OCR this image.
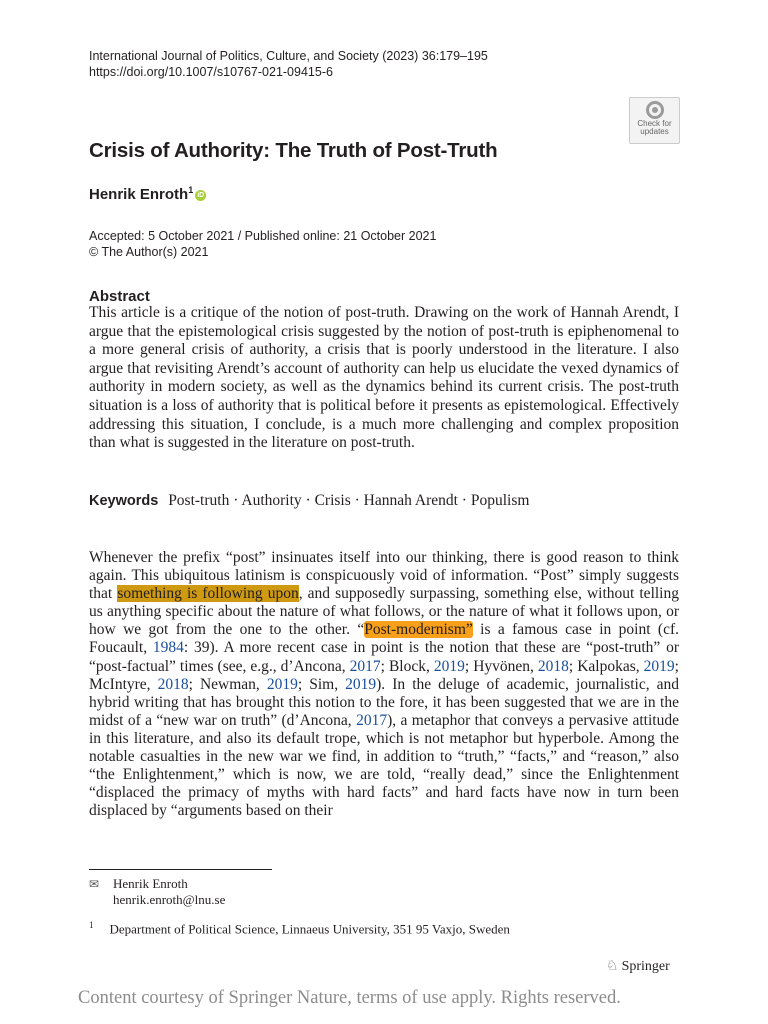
International Journal of Politics, Culture, and Society (2023) 36:179–195
https://doi.org/10.1007/s10767-021-09415-6
Check for
updates
Crisis of Authority: The Truth of Post-Truth
Henrik Enroth$^1$iD
Accepted: 5 October 2021 / Published online: 21 October 2021
© The Author(s) 2021
Abstract
This article is a critique of the notion of post-truth. Drawing on the work of Hannah Arendt, I argue that the epistemological crisis suggested by the notion of post-truth is epiphenomenal to a more general crisis of authority, a crisis that is poorly understood in the literature. I also argue that revisiting Arendt’s account of authority can help us elucidate the vexed dynamics of authority in modern society, as well as the dynamics behind its current crisis. The post-truth situation is a loss of authority that is political before it presents as epistemological. Effectively addressing this situation, I conclude, is a much more challenging and complex proposition than what is suggested in the literature on post-truth.
Keywords Post-truth · Authority · Crisis · Hannah Arendt · Populism

Whenever the prefix “post” insinuates itself into our thinking, there is good reason to think again. This ubiquitous latinism is conspicuously void of information. “Post” simply suggests that something is following upon, and supposedly surpassing, something else, without telling us anything specific about the nature of what follows, or the nature of what it follows upon, or how we got from the one to the other. “Post-modernism” is a famous case in point (cf. Foucault, 1984: 39). A more recent case in point is the notion that these are “post-truth” or “post-factual” times (see, e.g., d’Ancona, 2017; Block, 2019; Hyvönen, 2018; Kalpokas, 2019; McIntyre, 2018; Newman, 2019; Sim, 2019). In the deluge of academic, journalistic, and hybrid writing that has brought this notion to the fore, it has been suggested that we are in the midst of a “new war on truth” (d’Ancona, 2017), a metaphor that conveys a pervasive attitude in this literature, and also its default trope, which is not metaphor but hyperbole. Among the notable casualties in the new war we find, in addition to “truth,” “facts,” and “reason,” also “the Enlightenment,” which is now, we are told, “really dead,” since the Enlightenment “displaced the primacy of myths with hard facts” and hard facts have now in turn been displaced by “arguments based on their

✉ Henrik Enroth
henrik.enroth@lnu.se
$^1$ Department of Political Science, Linnaeus University, 351 95 Vaxjo, Sweden
♘ Springer
Content courtesy of Springer Nature, terms of use apply. Rights reserved.
